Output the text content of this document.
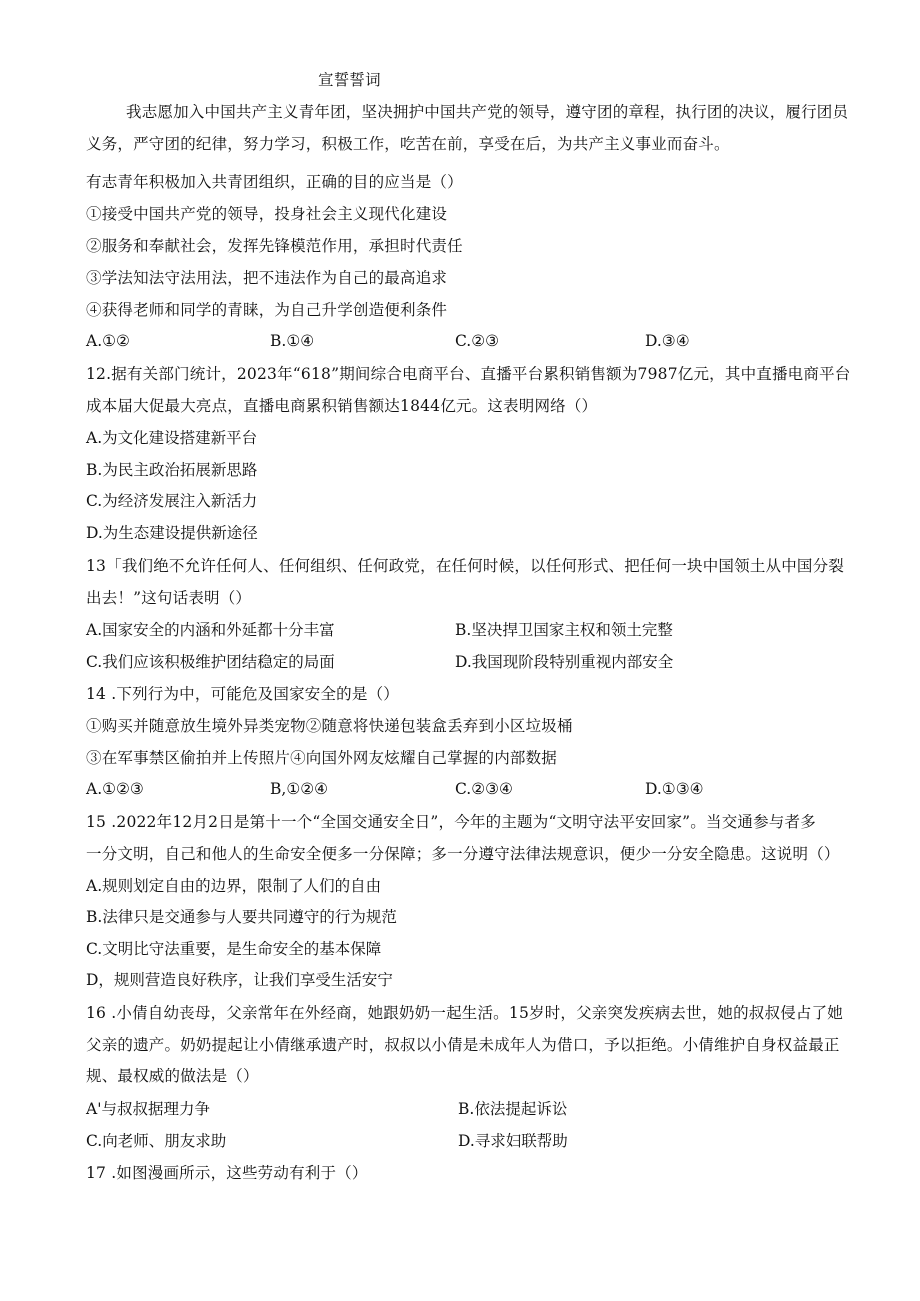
宣誓誓词
我志愿加入中国共产主义青年团，坚决拥护中国共产党的领导，遵守团的章程，执行团的决议，履行团员
义务，严守团的纪律，努力学习，积极工作，吃苦在前，享受在后，为共产主义事业而奋斗。
有志青年积极加入共青团组织，正确的目的应当是（）
①接受中国共产党的领导，投身社会主义现代化建设
②服务和奉献社会，发挥先锋模范作用，承担时代责任
③学法知法守法用法，把不违法作为自己的最高追求
④获得老师和同学的青睐，为自己升学创造便利条件
A.①②	B.①④	C.②③	D.③④
12.据有关部门统计，2023年“618”期间综合电商平台、直播平台累积销售额为7987亿元，其中直播电商平台
成本届大促最大亮点，直播电商累积销售额达1844亿元。这表明网络（）
A.为文化建设搭建新平台
B.为民主政治拓展新思路
C.为经济发展注入新活力
D.为生态建设提供新途径
13「我们绝不允许任何人、任何组织、任何政党，在任何时候，以任何形式、把任何一块中国领土从中国分裂
出去！”这句话表明（）
A.国家安全的内涵和外延都十分丰富	B.坚决捍卫国家主权和领土完整
C.我们应该积极维护团结稳定的局面	D.我国现阶段特别重视内部安全
14 .下列行为中，可能危及国家安全的是（）
①购买并随意放生境外异类宠物②随意将快递包装盒丢弃到小区垃圾桶
③在军事禁区偷拍并上传照片④向国外网友炫耀自己掌握的内部数据
A.①②③	B,①②④	C.②③④	D.①③④
15 .2022年12月2日是第十一个“全国交通安全日”，今年的主题为“文明守法平安回家”。当交通参与者多
一分文明，自己和他人的生命安全便多一分保障；多一分遵守法律法规意识，便少一分安全隐患。这说明（）
A.规则划定自由的边界，限制了人们的自由
B.法律只是交通参与人要共同遵守的行为规范
C.文明比守法重要，是生命安全的基本保障
D，规则营造良好秩序，让我们享受生活安宁
16 .小倩自幼丧母，父亲常年在外经商，她跟奶奶一起生活。15岁时，父亲突发疾病去世，她的叔叔侵占了她
父亲的遗产。奶奶提起让小倩继承遗产时，叔叔以小倩是未成年人为借口，予以拒绝。小倩维护自身权益最正
规、最权威的做法是（）
A'与叔叔据理力争	B.依法提起诉讼
C.向老师、朋友求助	D.寻求妇联帮助
17 .如图漫画所示，这些劳动有利于（）
